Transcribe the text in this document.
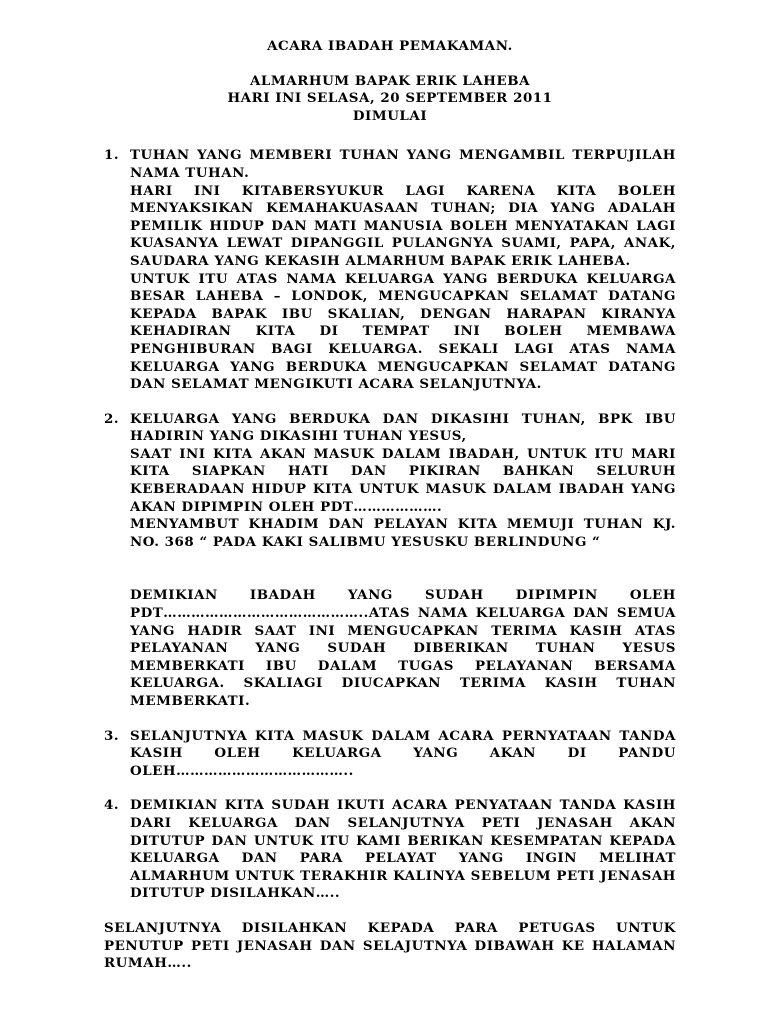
ACARA IBADAH PEMAKAMAN.
ALMARHUM BAPAK ERIK LAHEBA
HARI INI SELASA, 20 SEPTEMBER 2011
DIMULAI
1. TUHAN YANG MEMBERI TUHAN YANG MENGAMBIL TERPUJILAH NAMA TUHAN.

HARI INI KITABERSYUKUR LAGI KARENA KITA BOLEH MENYAKSIKAN KEMAHAKUASAAN TUHAN; DIA YANG ADALAH PEMILIK HIDUP DAN MATI MANUSIA BOLEH MENYATAKAN LAGI KUASANYA LEWAT DIPANGGIL PULANGNYA SUAMI, PAPA, ANAK, SAUDARA YANG KEKASIH ALMARHUM BAPAK ERIK LAHEBA.

UNTUK ITU ATAS NAMA KELUARGA YANG BERDUKA KELUARGA BESAR LAHEBA – LONDOK, MENGUCAPKAN SELAMAT DATANG KEPADA BAPAK IBU SKALIAN, DENGAN HARAPAN KIRANYA KEHADIRAN KITA DI TEMPAT INI BOLEH MEMBAWA PENGHIBURAN BAGI KELUARGA. SEKALI LAGI ATAS NAMA KELUARGA YANG BERDUKA MENGUCAPKAN SELAMAT DATANG DAN SELAMAT MENGIKUTI ACARA SELANJUTNYA.

2. KELUARGA YANG BERDUKA DAN DIKASIHI TUHAN, BPK IBU HADIRIN YANG DIKASIHI TUHAN YESUS,

SAAT INI KITA AKAN MASUK DALAM IBADAH, UNTUK ITU MARI KITA SIAPKAN HATI DAN PIKIRAN BAHKAN SELURUH KEBERADAAN HIDUP KITA UNTUK MASUK DALAM IBADAH YANG AKAN DIPIMPIN OLEH PDT……………….

MENYAMBUT KHADIM DAN PELAYAN KITA MEMUJI TUHAN KJ. NO. 368 “ PADA KAKI SALIBMU YESUSKU BERLINDUNG “

DEMIKIAN IBADAH YANG SUDAH DIPIMPIN OLEH PDT……………………………………..ATAS NAMA KELUARGA DAN SEMUA YANG HADIR SAAT INI MENGUCAPKAN TERIMA KASIH ATAS PELAYANAN YANG SUDAH DIBERIKAN TUHAN YESUS MEMBERKATI IBU DALAM TUGAS PELAYANAN BERSAMA KELUARGA. SKALIAGI DIUCAPKAN TERIMA KASIH TUHAN MEMBERKATI.
3. SELANJUTNYA KITA MASUK DALAM ACARA PERNYATAAN TANDA KASIH OLEH KELUARGA YANG AKAN DI PANDU OLEH………………………………..

4. DEMIKIAN KITA SUDAH IKUTI ACARA PENYATAAN TANDA KASIH DARI KELUARGA DAN SELANJUTNYA PETI JENASAH AKAN DITUTUP DAN UNTUK ITU KAMI BERIKAN KESEMPATAN KEPADA KELUARGA DAN PARA PELAYAT YANG INGIN MELIHAT ALMARHUM UNTUK TERAKHIR KALINYA SEBELUM PETI JENASAH DITUTUP DISILAHKAN…..

SELANJUTNYA DISILAHKAN KEPADA PARA PETUGAS UNTUK PENUTUP PETI JENASAH DAN SELAJUTNYA DIBAWAH KE HALAMAN RUMAH…..
